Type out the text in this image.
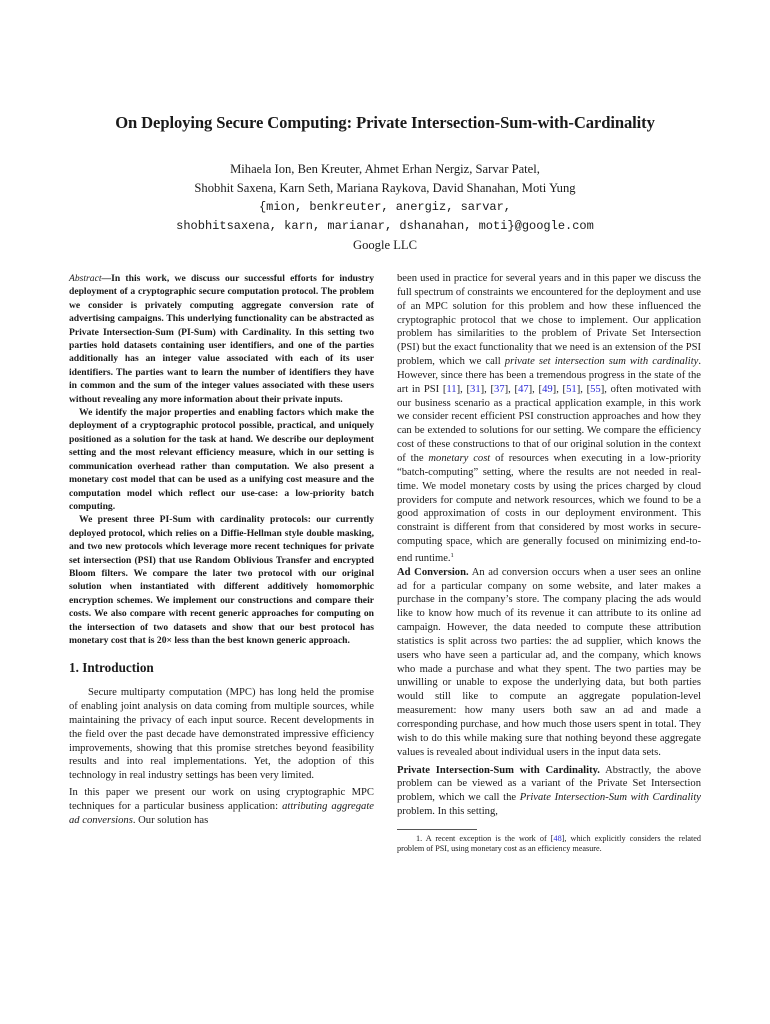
On Deploying Secure Computing: Private Intersection-Sum-with-Cardinality
Mihaela Ion, Ben Kreuter, Ahmet Erhan Nergiz, Sarvar Patel,
Shobhit Saxena, Karn Seth, Mariana Raykova, David Shanahan, Moti Yung
{mion, benkreuter, anergiz, sarvar,
shobhitsaxena, karn, marianar, dshanahan, moti}@google.com
Google LLC

Abstract—In this work, we discuss our successful efforts for industry deployment of a cryptographic secure computation protocol. The problem we consider is privately computing aggregate conversion rate of advertising campaigns. This underlying functionality can be abstracted as Private Intersection-Sum (PI-Sum) with Cardinality. In this setting two parties hold datasets containing user identifiers, and one of the parties additionally has an integer value associated with each of its user identifiers. The parties want to learn the number of identifiers they have in common and the sum of the integer values associated with these users without revealing any more information about their private inputs.

We identify the major properties and enabling factors which make the deployment of a cryptographic protocol possible, practical, and uniquely positioned as a solution for the task at hand. We describe our deployment setting and the most relevant efficiency measure, which in our setting is communication overhead rather than computation. We also present a monetary cost model that can be used as a unifying cost measure and the computation model which reflect our use-case: a low-priority batch computing.

We present three PI-Sum with cardinality protocols: our currently deployed protocol, which relies on a Diffie-Hellman style double masking, and two new protocols which leverage more recent techniques for private set intersection (PSI) that use Random Oblivious Transfer and encrypted Bloom filters. We compare the later two protocol with our original solution when instantiated with different additively homomorphic encryption schemes. We implement our constructions and compare their costs. We also compare with recent generic approaches for computing on the intersection of two datasets and show that our best protocol has monetary cost that is 20× less than the best known generic approach.

1. Introduction

Secure multiparty computation (MPC) has long held the promise of enabling joint analysis on data coming from multiple sources, while maintaining the privacy of each input source. Recent developments in the field over the past decade have demonstrated impressive efficiency improvements, showing that this promise stretches beyond feasibility results and into real implementations. Yet, the adoption of this technology in real industry settings has been very limited.

In this paper we present our work on using cryptographic MPC techniques for a particular business application: attributing aggregate ad conversions. Our solution has

been used in practice for several years and in this paper we discuss the full spectrum of constraints we encountered for the deployment and use of an MPC solution for this problem and how these influenced the cryptographic protocol that we chose to implement. Our application problem has similarities to the problem of Private Set Intersection (PSI) but the exact functionality that we need is an extension of the PSI problem, which we call private set intersection sum with cardinality. However, since there has been a tremendous progress in the state of the art in PSI [11], [31], [37], [47], [49], [51], [55], often motivated with our business scenario as a practical application example, in this work we consider recent efficient PSI construction approaches and how they can be extended to solutions for our setting. We compare the efficiency cost of these constructions to that of our original solution in the context of the monetary cost of resources when executing in a low-priority “batch-computing” setting, where the results are not needed in real-time. We model monetary costs by using the prices charged by cloud providers for compute and network resources, which we found to be a good approximation of costs in our deployment environment. This constraint is different from that considered by most works in secure-computing space, which are generally focused on minimizing end-to-end runtime.$^1$

Ad Conversion. An ad conversion occurs when a user sees an online ad for a particular company on some website, and later makes a purchase in the company’s store. The company placing the ads would like to know how much of its revenue it can attribute to its online ad campaign. However, the data needed to compute these attribution statistics is split across two parties: the ad supplier, which knows the users who have seen a particular ad, and the company, which knows who made a purchase and what they spent. The two parties may be unwilling or unable to expose the underlying data, but both parties would still like to compute an aggregate population-level measurement: how many users both saw an ad and made a corresponding purchase, and how much those users spent in total. They wish to do this while making sure that nothing beyond these aggregate values is revealed about individual users in the input data sets.

Private Intersection-Sum with Cardinality. Abstractly, the above problem can be viewed as a variant of the Private Set Intersection problem, which we call the Private Intersection-Sum with Cardinality problem. In this setting,

1. A recent exception is the work of [48], which explicitly considers the related problem of PSI, using monetary cost as an efficiency measure.
